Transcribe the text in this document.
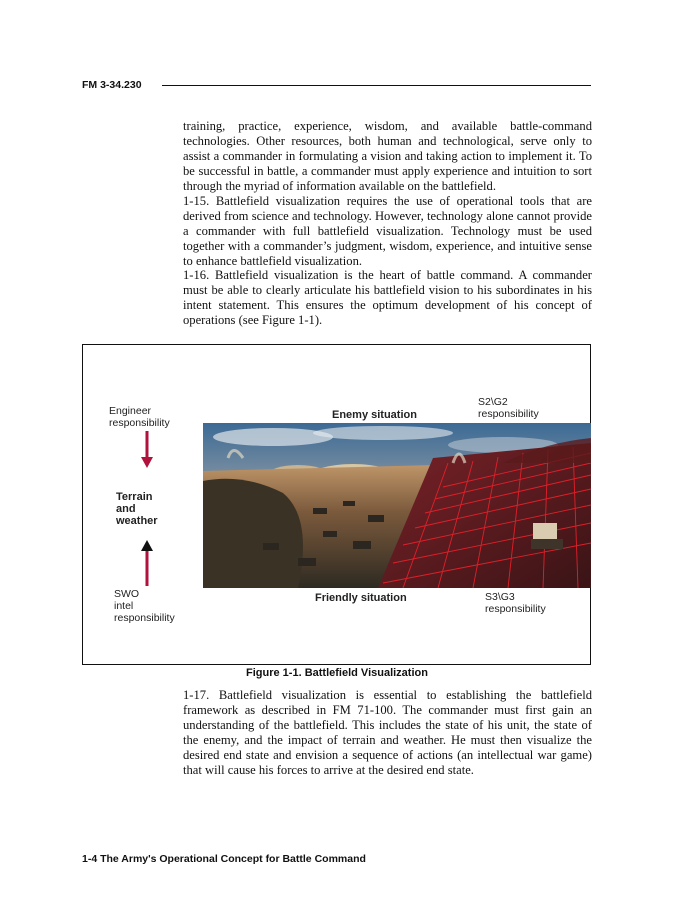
FM 3-34.230

training, practice, experience, wisdom, and available battle-command technologies. Other resources, both human and technological, serve only to assist a commander in formulating a vision and taking action to implement it. To be successful in battle, a commander must apply experience and intuition to sort through the myriad of information available on the battlefield.

1-15. Battlefield visualization requires the use of operational tools that are derived from science and technology. However, technology alone cannot provide a commander with full battlefield visualization. Technology must be used together with a commander’s judgment, wisdom, experience, and intuitive sense to enhance battlefield visualization.

1-16. Battlefield visualization is the heart of battle command. A commander must be able to clearly articulate his battlefield vision to his subordinates in his intent statement. This ensures the optimum development of his concept of operations (see Figure 1-1).

Engineer
responsibility
Terrain
and
weather
SWO
intel
responsibility
Enemy situation
S2\G2
responsibility
Friendly situation	S3\G3
responsibility
Figure 1-1. Battlefield Visualization

1-17. Battlefield visualization is essential to establishing the battlefield framework as described in FM 71-100. The commander must first gain an understanding of the battlefield. This includes the state of his unit, the state of the enemy, and the impact of terrain and weather. He must then visualize the desired end state and envision a sequence of actions (an intellectual war game) that will cause his forces to arrive at the desired end state.

1-4 The Army's Operational Concept for Battle Command
